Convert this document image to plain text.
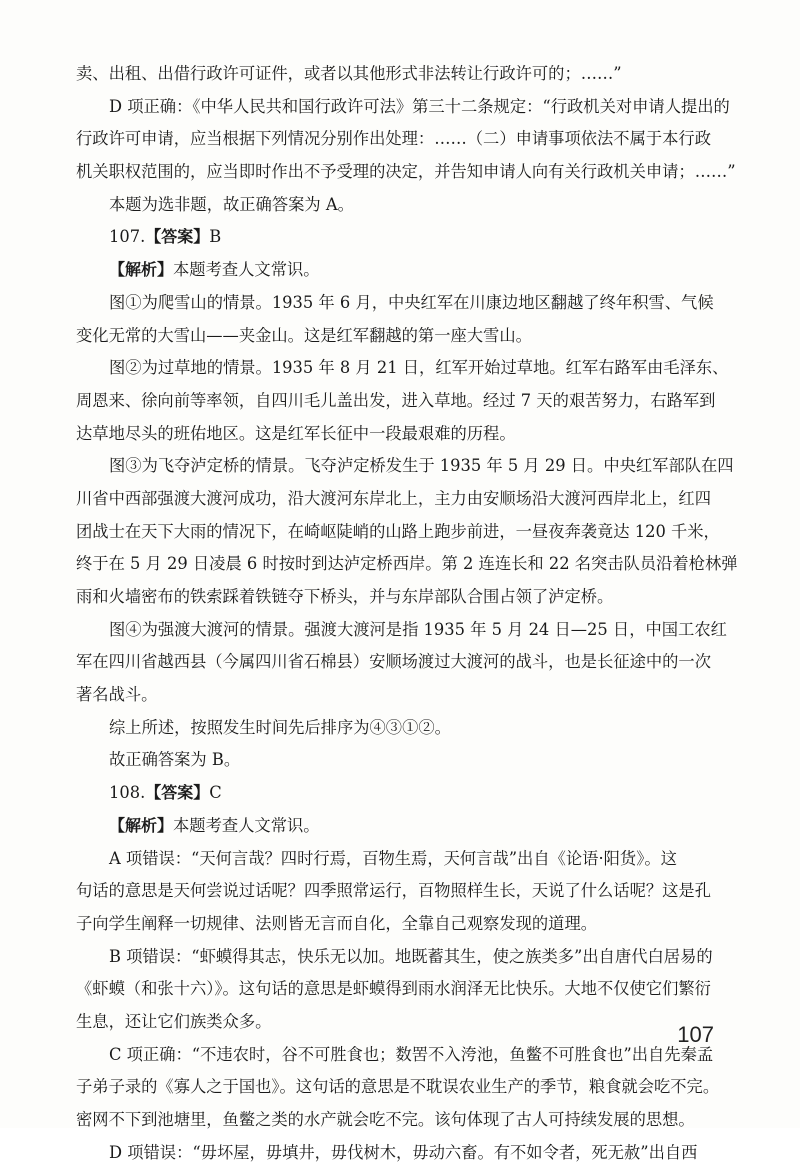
卖、出租、出借行政许可证件，或者以其他形式非法转让行政许可的；……”
D 项正确：《中华人民共和国行政许可法》第三十二条规定：“行政机关对申请人提出的
行政许可申请，应当根据下列情况分别作出处理：……（二）申请事项依法不属于本行政
机关职权范围的，应当即时作出不予受理的决定，并告知申请人向有关行政机关申请；……”
本题为选非题，故正确答案为 A。
107.【答案】B
【解析】本题考查人文常识。
图①为爬雪山的情景。1935 年 6 月，中央红军在川康边地区翻越了终年积雪、气候
变化无常的大雪山——夹金山。这是红军翻越的第一座大雪山。
图②为过草地的情景。1935 年 8 月 21 日，红军开始过草地。红军右路军由毛泽东、
周恩来、徐向前等率领，自四川毛儿盖出发，进入草地。经过 7 天的艰苦努力，右路军到
达草地尽头的班佑地区。这是红军长征中一段最艰难的历程。
图③为飞夺泸定桥的情景。飞夺泸定桥发生于 1935 年 5 月 29 日。中央红军部队在四
川省中西部强渡大渡河成功，沿大渡河东岸北上，主力由安顺场沿大渡河西岸北上，红四
团战士在天下大雨的情况下，在崎岖陡峭的山路上跑步前进，一昼夜奔袭竟达 120 千米，
终于在 5 月 29 日凌晨 6 时按时到达泸定桥西岸。第 2 连连长和 22 名突击队员沿着枪林弹
雨和火墙密布的铁索踩着铁链夺下桥头，并与东岸部队合围占领了泸定桥。
图④为强渡大渡河的情景。强渡大渡河是指 1935 年 5 月 24 日—25 日，中国工农红
军在四川省越西县（今属四川省石棉县）安顺场渡过大渡河的战斗，也是长征途中的一次
著名战斗。
综上所述，按照发生时间先后排序为④③①②。
故正确答案为 B。
108.【答案】C
【解析】本题考查人文常识。
A 项错误：“天何言哉？四时行焉，百物生焉，天何言哉”出自《论语·阳货》。这
句话的意思是天何尝说过话呢？四季照常运行，百物照样生长，天说了什么话呢？这是孔
子向学生阐释一切规律、法则皆无言而自化，全靠自己观察发现的道理。
B 项错误：“虾蟆得其志，快乐无以加。地既蓄其生，使之族类多”出自唐代白居易的
《虾蟆（和张十六）》。这句话的意思是虾蟆得到雨水润泽无比快乐。大地不仅使它们繁衍
生息，还让它们族类众多。
C 项正确：“不违农时，谷不可胜食也；数罟不入洿池，鱼鳖不可胜食也”出自先秦孟
子弟子录的《寡人之于国也》。这句话的意思是不耽误农业生产的季节，粮食就会吃不完。
密网不下到池塘里，鱼鳖之类的水产就会吃不完。该句体现了古人可持续发展的思想。
D 项错误：“毋坏屋，毋填井，毋伐树木，毋动六畜。有不如令者，死无赦”出自西
107
